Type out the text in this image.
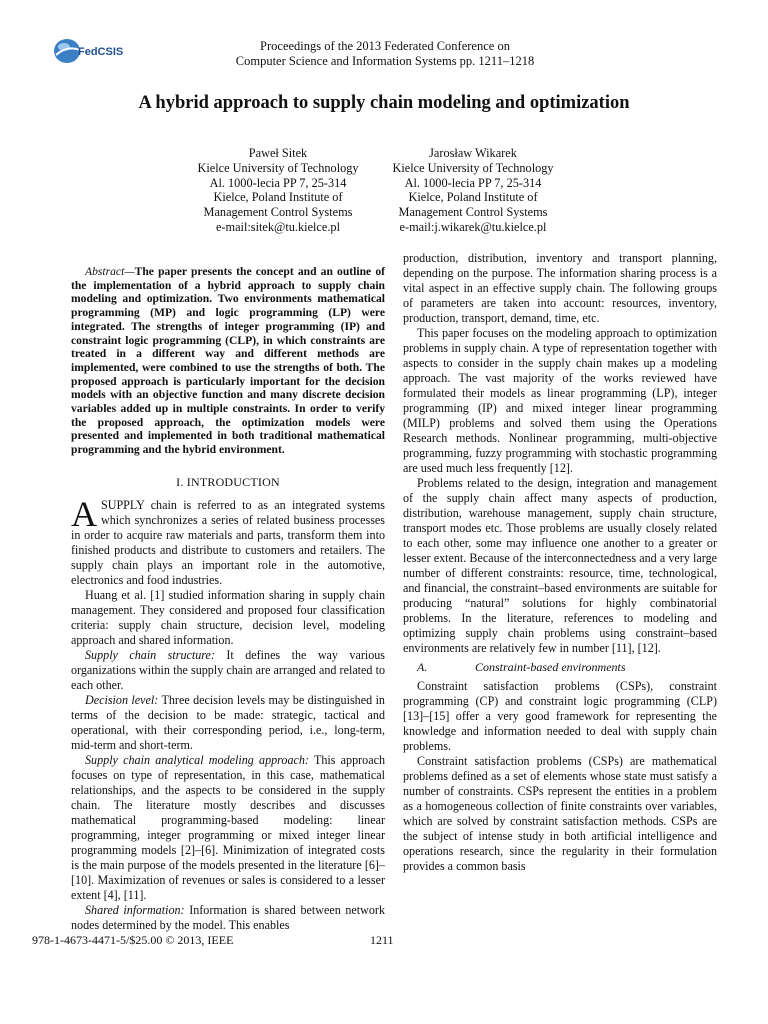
FedCSIS	Proceedings of the 2013 Federated Conference on
Computer Science and Information Systems pp. 1211–1218
A hybrid approach to supply chain modeling and optimization
Paweł Sitek
Kielce University of Technology
Al. 1000-lecia PP 7, 25-314
Kielce, Poland Institute of
Management Control Systems
e-mail:sitek@tu.kielce.pl
Jarosław Wikarek
Kielce University of Technology
Al. 1000-lecia PP 7, 25-314
Kielce, Poland Institute of
Management Control Systems
e-mail:j.wikarek@tu.kielce.pl

Abstract—The paper presents the concept and an outline of the implementation of a hybrid approach to supply chain modeling and optimization. Two environments mathematical programming (MP) and logic programming (LP) were integrated. The strengths of integer programming (IP) and constraint logic programming (CLP), in which constraints are treated in a different way and different methods are implemented, were combined to use the strengths of both. The proposed approach is particularly important for the decision models with an objective function and many discrete decision variables added up in multiple constraints. In order to verify the proposed approach, the optimization models were presented and implemented in both traditional mathematical programming and the hybrid environment.

I. INTRODUCTION

ASUPPLY chain is referred to as an integrated systems which synchronizes a series of related business processes in order to acquire raw materials and parts, transform them into finished products and distribute to customers and retailers. The supply chain plays an important role in the automotive, electronics and food industries.

Huang et al. [1] studied information sharing in supply chain management. They considered and proposed four classification criteria: supply chain structure, decision level, modeling approach and shared information.

Supply chain structure: It defines the way various organizations within the supply chain are arranged and related to each other.

Decision level: Three decision levels may be distinguished in terms of the decision to be made: strategic, tactical and operational, with their corresponding period, i.e., long-term, mid-term and short-term.

Supply chain analytical modeling approach: This approach focuses on type of representation, in this case, mathematical relationships, and the aspects to be considered in the supply chain. The literature mostly describes and discusses mathematical programming-based modeling: linear programming, integer programming or mixed integer linear programming models [2]–[6]. Minimization of integrated costs is the main purpose of the models presented in the literature [6]–[10]. Maximization of revenues or sales is considered to a lesser extent [4], [11].

Shared information: Information is shared between network nodes determined by the model. This enables

production, distribution, inventory and transport planning, depending on the purpose. The information sharing process is a vital aspect in an effective supply chain. The following groups of parameters are taken into account: resources, inventory, production, transport, demand, time, etc.

This paper focuses on the modeling approach to optimization problems in supply chain. A type of representation together with aspects to consider in the supply chain makes up a modeling approach. The vast majority of the works reviewed have formulated their models as linear programming (LP), integer programming (IP) and mixed integer linear programming (MILP) problems and solved them using the Operations Research methods. Nonlinear programming, multi-objective programming, fuzzy programming with stochastic programming are used much less frequently [12].

Problems related to the design, integration and management of the supply chain affect many aspects of production, distribution, warehouse management, supply chain structure, transport modes etc. Those problems are usually closely related to each other, some may influence one another to a greater or lesser extent. Because of the interconnectedness and a very large number of different constraints: resource, time, technological, and financial, the constraint–based environments are suitable for producing “natural” solutions for highly combinatorial problems. In the literature, references to modeling and optimizing supply chain problems using constraint–based environments are relatively few in number [11], [12].

A.	Constraint-based environments

Constraint satisfaction problems (CSPs), constraint programming (CP) and constraint logic programming (CLP) [13]–[15] offer a very good framework for representing the knowledge and information needed to deal with supply chain problems.

Constraint satisfaction problems (CSPs) are mathematical problems defined as a set of elements whose state must satisfy a number of constraints. CSPs represent the entities in a problem as a homogeneous collection of finite constraints over variables, which are solved by constraint satisfaction methods. CSPs are the subject of intense study in both artificial intelligence and operations research, since the regularity in their formulation provides a common basis

978-1-4673-4471-5/$25.00 © 2013, IEEE	1211
